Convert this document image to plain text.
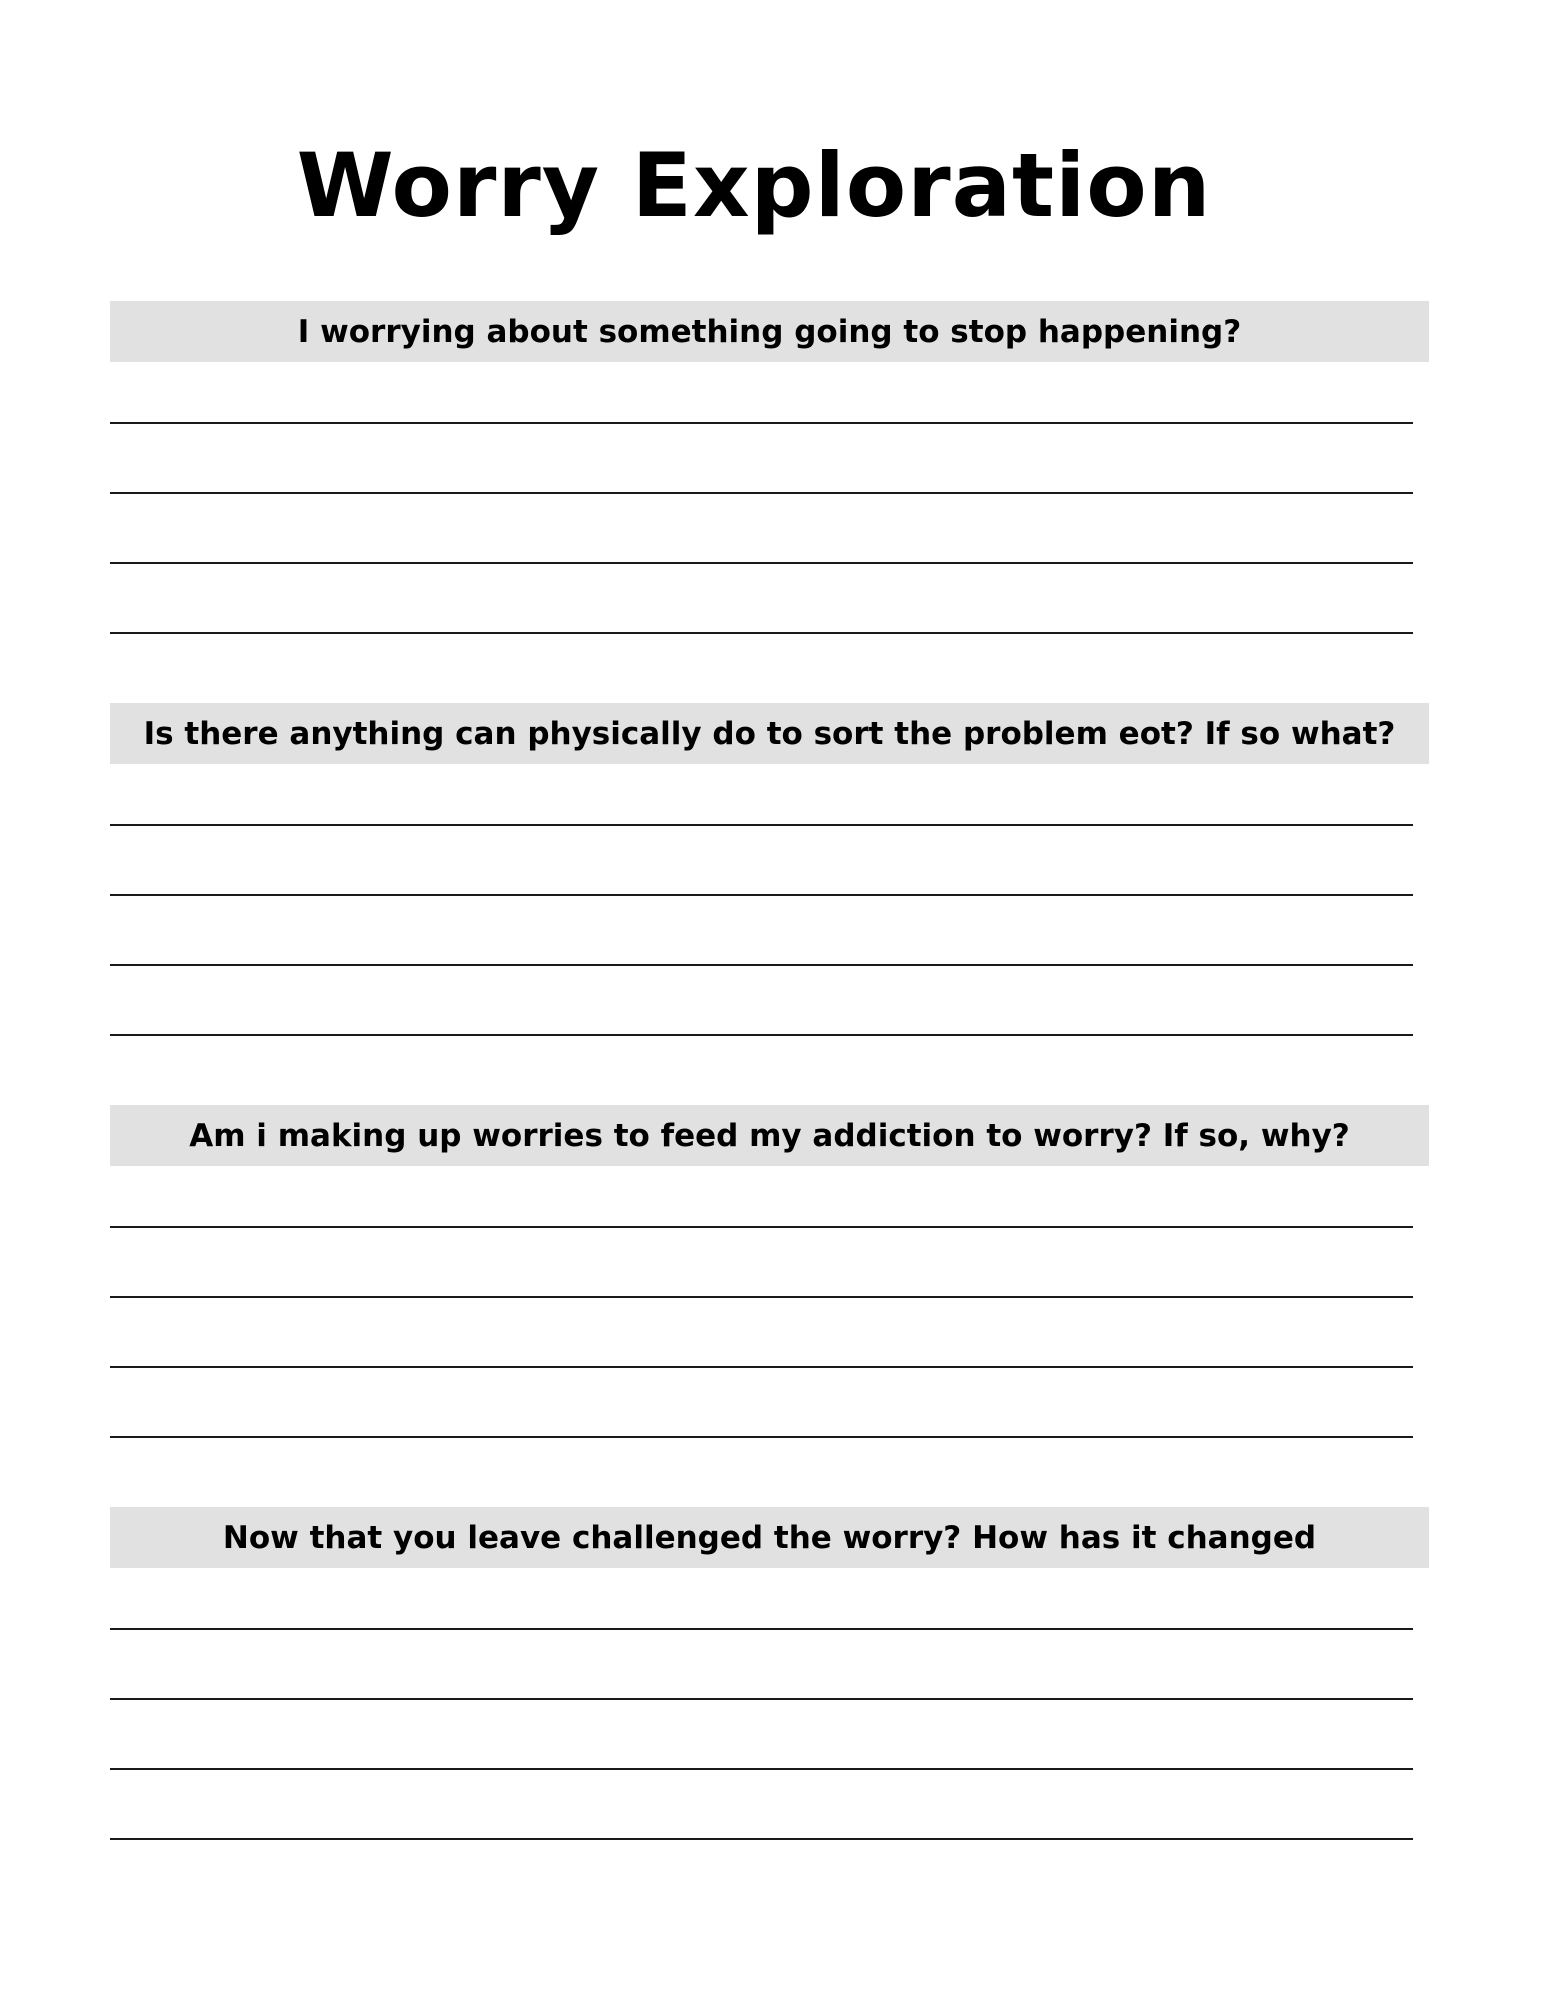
Worry Exploration
I worrying about something going to stop happening?
Is there anything can physically do to sort the problem eot? If so what?
Am i making up worries to feed my addiction to worry? If so, why?
Now that you leave challenged the worry? How has it changed
